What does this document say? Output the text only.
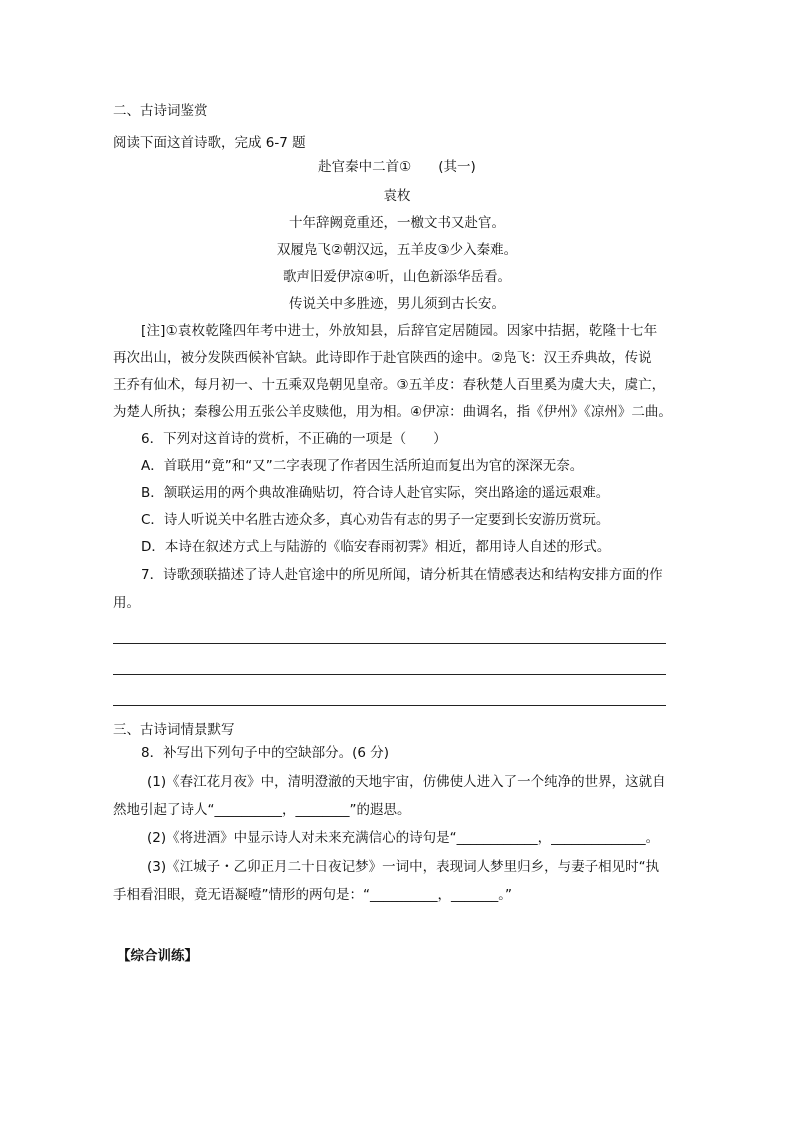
二、古诗词鉴赏
阅读下面这首诗歌，完成 6-7 题
赴官秦中二首①　　(其一)
袁枚
十年辞阙竟重还，一檄文书又赴官。
双履凫飞②朝汉远，五羊皮③少入秦难。
歌声旧爱伊凉④听，山色新添华岳看。
传说关中多胜迹，男儿须到古长安。
[注]①袁枚乾隆四年考中进士，外放知县，后辞官定居随园。因家中拮据，乾隆十七年
再次出山，被分发陕西候补官缺。此诗即作于赴官陕西的途中。②凫飞：汉王乔典故，传说
王乔有仙术，每月初一、十五乘双凫朝见皇帝。③五羊皮：春秋楚人百里奚为虞大夫，虞亡，
为楚人所执；秦穆公用五张公羊皮赎他，用为相。④伊凉：曲调名，指《伊州》《凉州》二曲。
6．下列对这首诗的赏析，不正确的一项是（　　）
A．首联用“竟”和“又”二字表现了作者因生活所迫而复出为官的深深无奈。
B．颔联运用的两个典故准确贴切，符合诗人赴官实际，突出路途的遥远艰难。
C．诗人听说关中名胜古迹众多，真心劝告有志的男子一定要到长安游历赏玩。
D．本诗在叙述方式上与陆游的《临安春雨初霁》相近，都用诗人自述的形式。
7．诗歌颈联描述了诗人赴官途中的所见所闻，请分析其在情感表达和结构安排方面的作
用。
三、古诗词情景默写
8．补写出下列句子中的空缺部分。(6 分)
(1)《春江花月夜》中，清明澄澈的天地宇宙，仿佛使人进入了一个纯净的世界，这就自
然地引起了诗人“__________，________”的遐思。
(2)《将进酒》中显示诗人对未来充满信心的诗句是“____________，______________。
(3)《江城子・乙卯正月二十日夜记梦》一词中，表现词人梦里归乡，与妻子相见时“执
手相看泪眼，竟无语凝噎”情形的两句是：“__________，_______。”
【综合训练】
